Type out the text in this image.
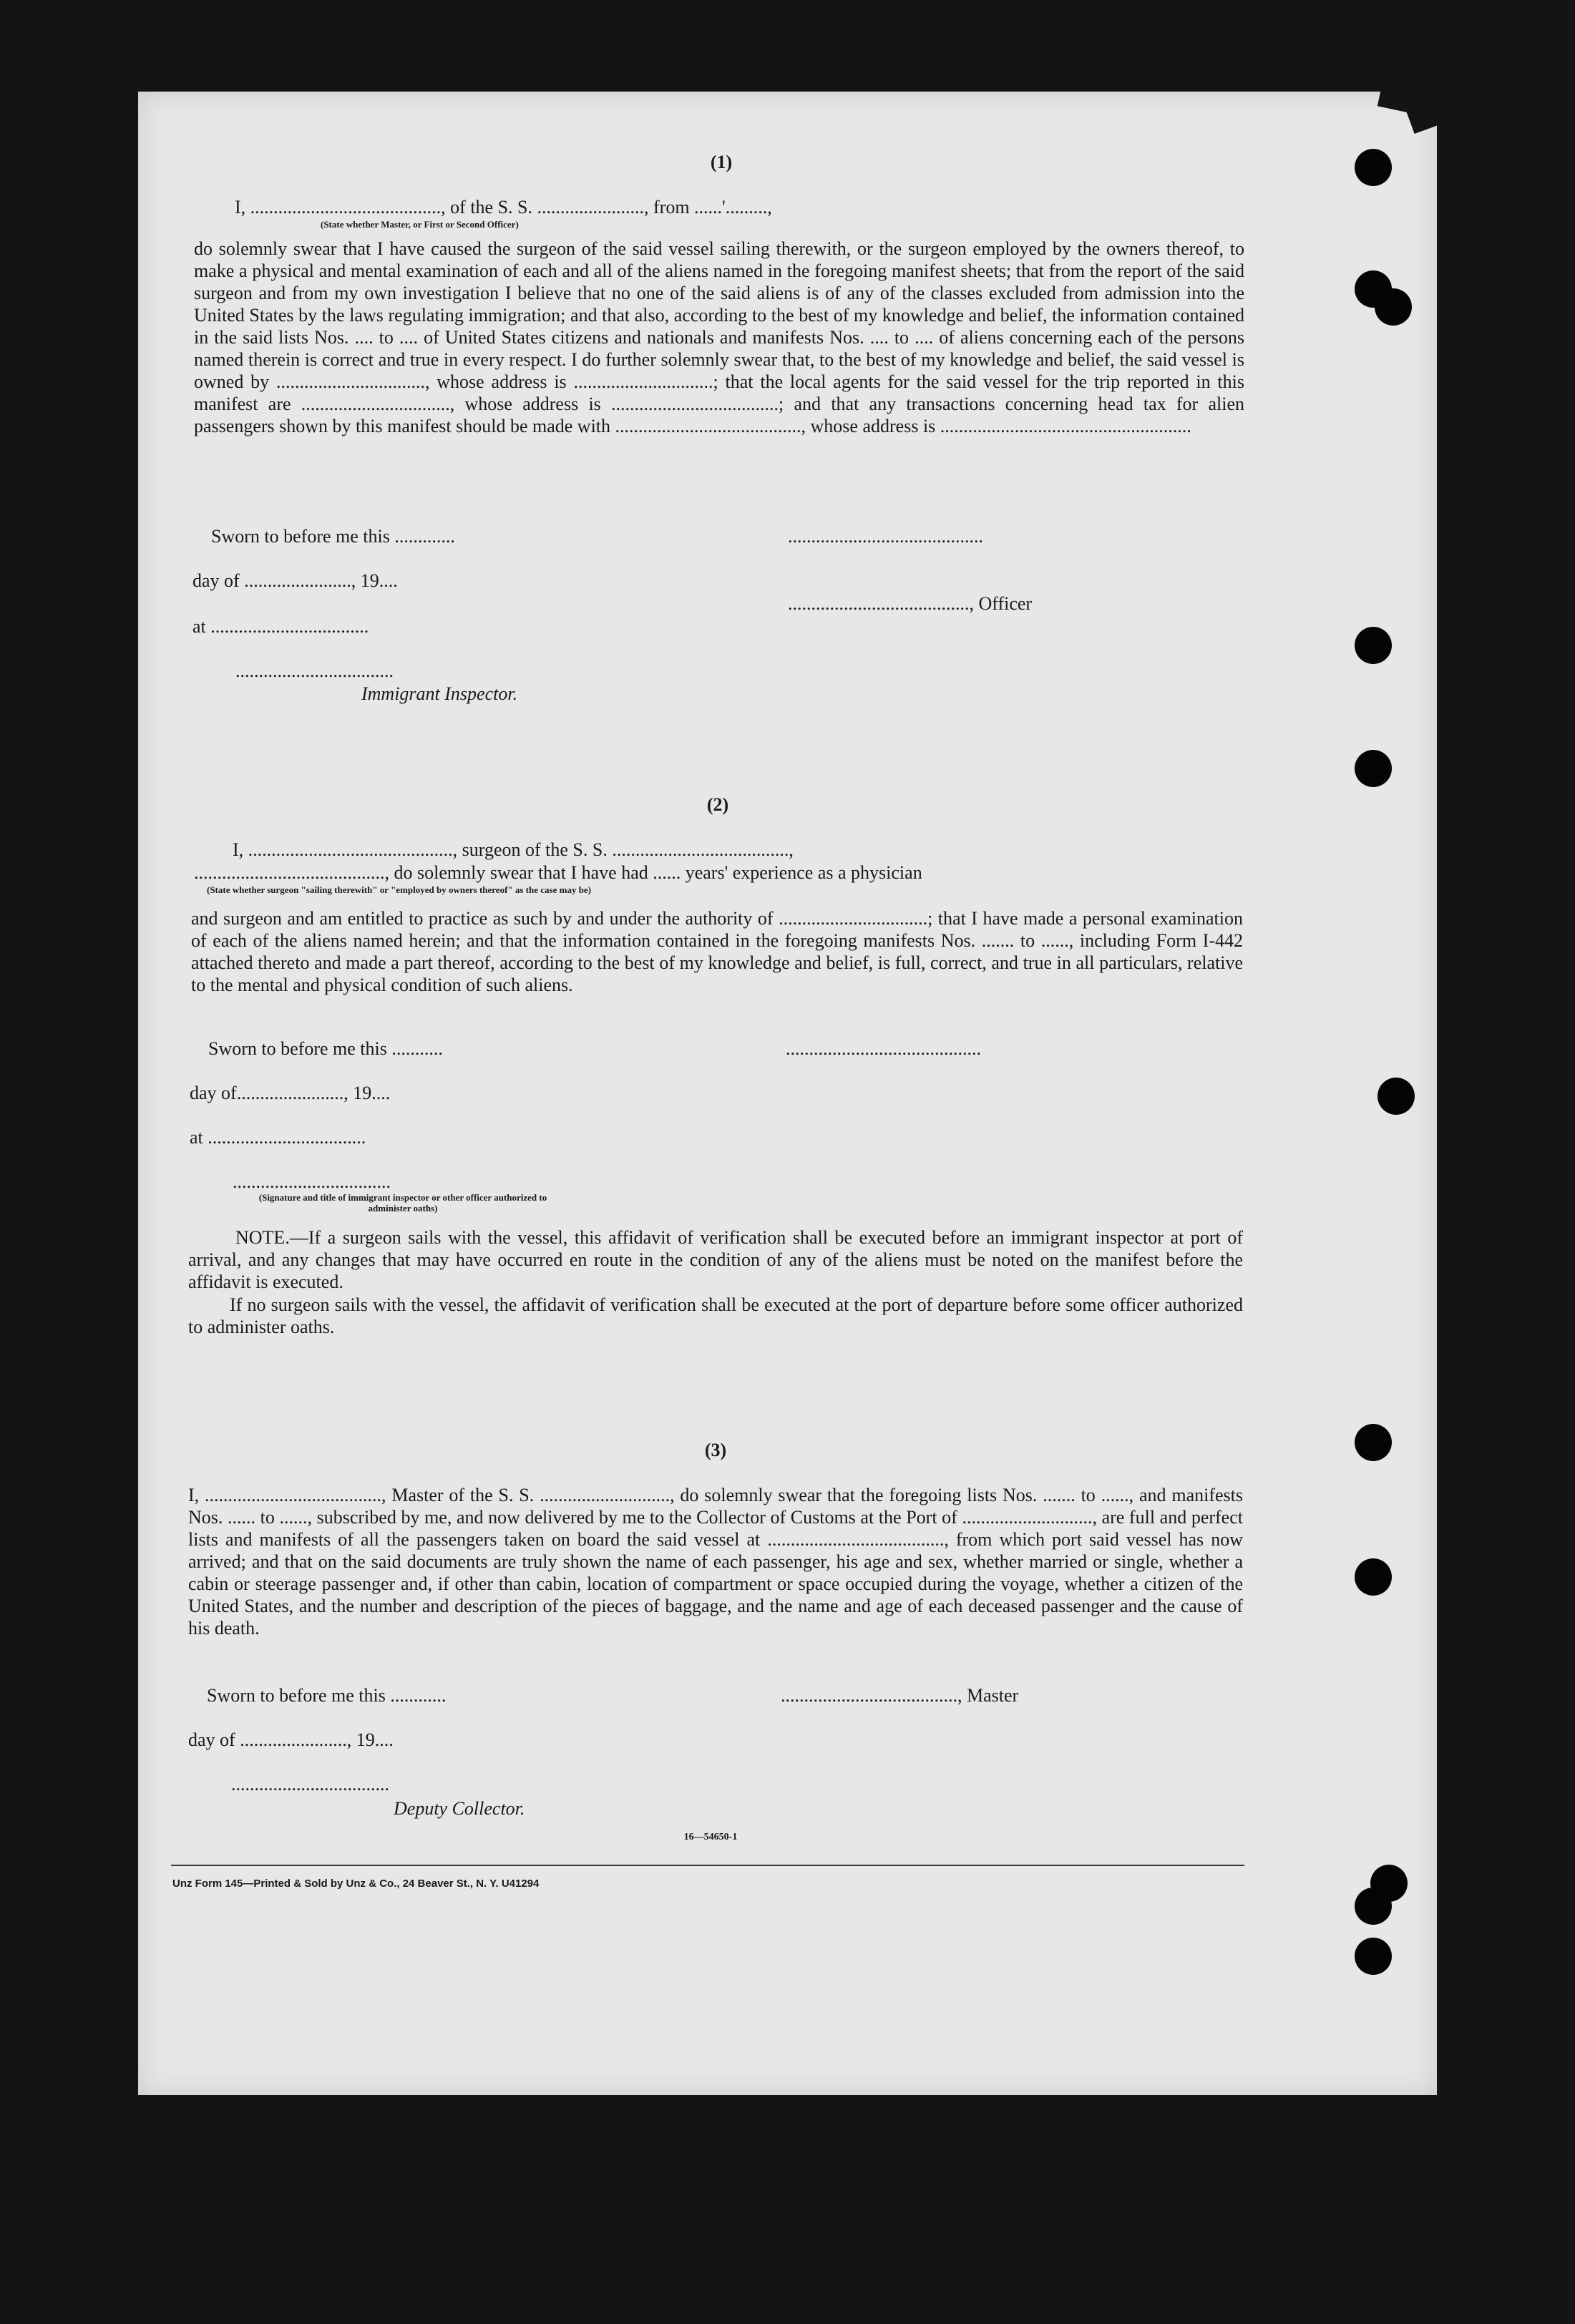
(1)
I, ........................................., of the S. S. ......................., from ......'.........,
(State whether Master, or First or Second Officer)
do solemnly swear that I have caused the surgeon of the said vessel sailing therewith, or the surgeon employed by the owners thereof, to make a physical and mental examination of each and all of the aliens named in the foregoing manifest sheets; that from the report of the said surgeon and from my own investigation I believe that no one of the said aliens is of any of the classes excluded from admission into the United States by the laws regulating immigration; and that also, according to the best of my knowledge and belief, the information contained in the said lists Nos. .... to .... of United States citizens and nationals and manifests Nos. .... to .... of aliens concerning each of the persons named therein is correct and true in every respect. I do further solemnly swear that, to the best of my knowledge and belief, the said vessel is owned by ................................, whose address is ..............................; that the local agents for the said vessel for the trip reported in this manifest are ................................, whose address is ....................................; and that any transactions concerning head tax for alien passengers shown by this manifest should be made with ........................................, whose address is ......................................................
Sworn to before me this .............	..........................................
day of ......................., 19....
......................................., Officer
at ..................................
..................................
Immigrant Inspector.
(2)
I, ............................................, surgeon of the S. S. ......................................,
........................................., do solemnly swear that I have had ...... years' experience as a physician
(State whether surgeon "sailing therewith" or "employed by owners thereof" as the case may be)
and surgeon and am entitled to practice as such by and under the authority of ................................; that I have made a personal examination of each of the aliens named herein; and that the information contained in the foregoing manifests Nos. ....... to ......, including Form I-442 attached thereto and made a part thereof, according to the best of my knowledge and belief, is full, correct, and true in all particulars, relative to the mental and physical condition of such aliens.
Sworn to before me this ...........	..........................................
day of......................., 19....
at ..................................
..................................
(Signature and title of immigrant inspector or other officer authorized to administer oaths)
NOTE.—If a surgeon sails with the vessel, this affidavit of verification shall be executed before an immigrant inspector at port of arrival, and any changes that may have occurred en route in the condition of any of the aliens must be noted on the manifest before the affidavit is executed.
If no surgeon sails with the vessel, the affidavit of verification shall be executed at the port of departure before some officer authorized to administer oaths.
(3)
I, ......................................, Master of the S. S. ............................, do solemnly swear that the foregoing lists Nos. ....... to ......, and manifests Nos. ...... to ......, subscribed by me, and now delivered by me to the Collector of Customs at the Port of ............................, are full and perfect lists and manifests of all the passengers taken on board the said vessel at ......................................, from which port said vessel has now arrived; and that on the said documents are truly shown the name of each passenger, his age and sex, whether married or single, whether a cabin or steerage passenger and, if other than cabin, location of compartment or space occupied during the voyage, whether a citizen of the United States, and the number and description of the pieces of baggage, and the name and age of each deceased passenger and the cause of his death.
Sworn to before me this ............	......................................, Master
day of ......................., 19....
..................................
Deputy Collector.
16—54650-1
Unz Form 145—Printed & Sold by Unz & Co., 24 Beaver St., N. Y. U41294
